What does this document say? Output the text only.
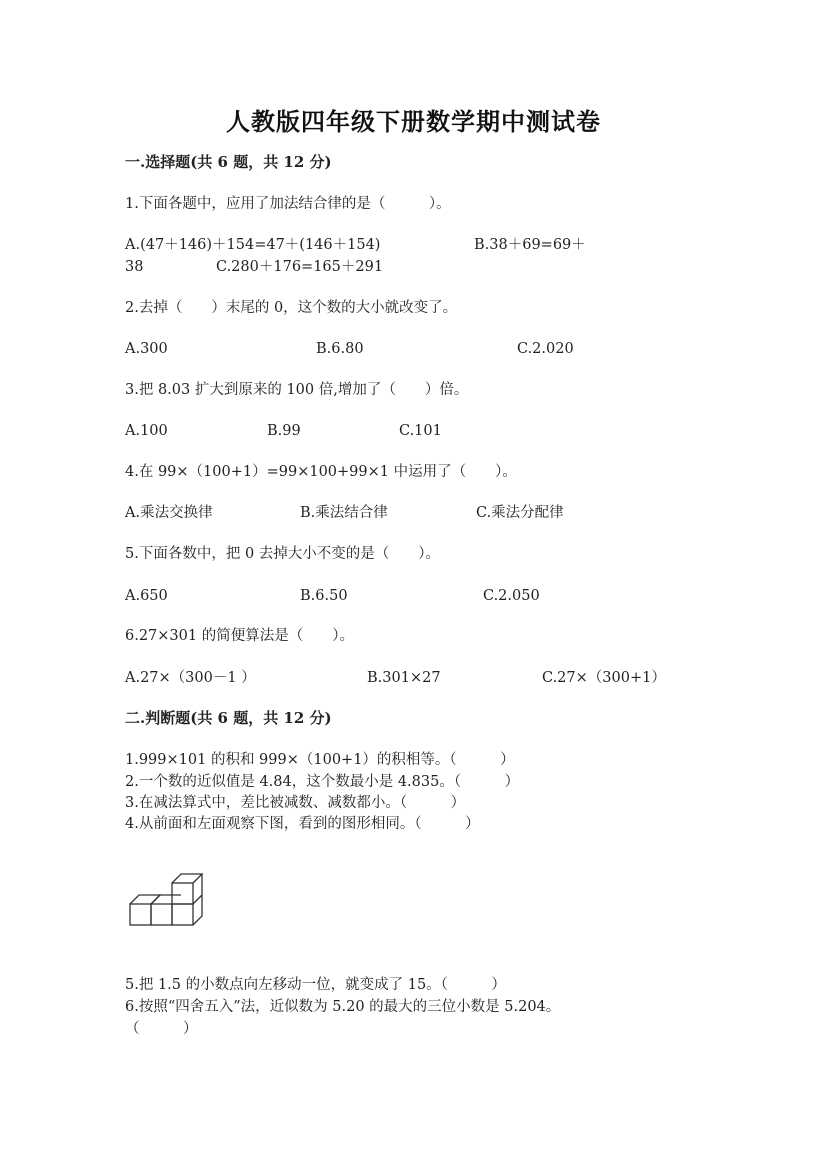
人教版四年级下册数学期中测试卷
一.选择题(共 6 题，共 12 分)
1.下面各题中，应用了加法结合律的是（　　　）。
A.(47＋146)＋154=47＋(146＋154)	B.38＋69=69＋
38	C.280＋176=165＋291
2.去掉（　　）末尾的 0，这个数的大小就改变了。
A.300	B.6.80	C.2.020
3.把 8.03 扩大到原来的 100 倍,增加了（　　）倍。
A.100	B.99	C.101
4.在 99×（100+1）=99×100+99×1 中运用了（　　）。
A.乘法交换律	B.乘法结合律	C.乘法分配律
5.下面各数中，把 0 去掉大小不变的是（　　）。
A.650	B.6.50	C.2.050
6.27×301 的简便算法是（　　）。
A.27×（300－1 ）	B.301×27	C.27×（300+1）
二.判断题(共 6 题，共 12 分)
1.999×101 的积和 999×（100+1）的积相等。（　　　）
2.一个数的近似值是 4.84，这个数最小是 4.835。（　　　）
3.在减法算式中，差比被减数、减数都小。（　　　）
4.从前面和左面观察下图，看到的图形相同。（　　　）
5.把 1.5 的小数点向左移动一位，就变成了 15。（　　　）
6.按照“四舍五入”法，近似数为 5.20 的最大的三位小数是 5.204。
（　　　）
